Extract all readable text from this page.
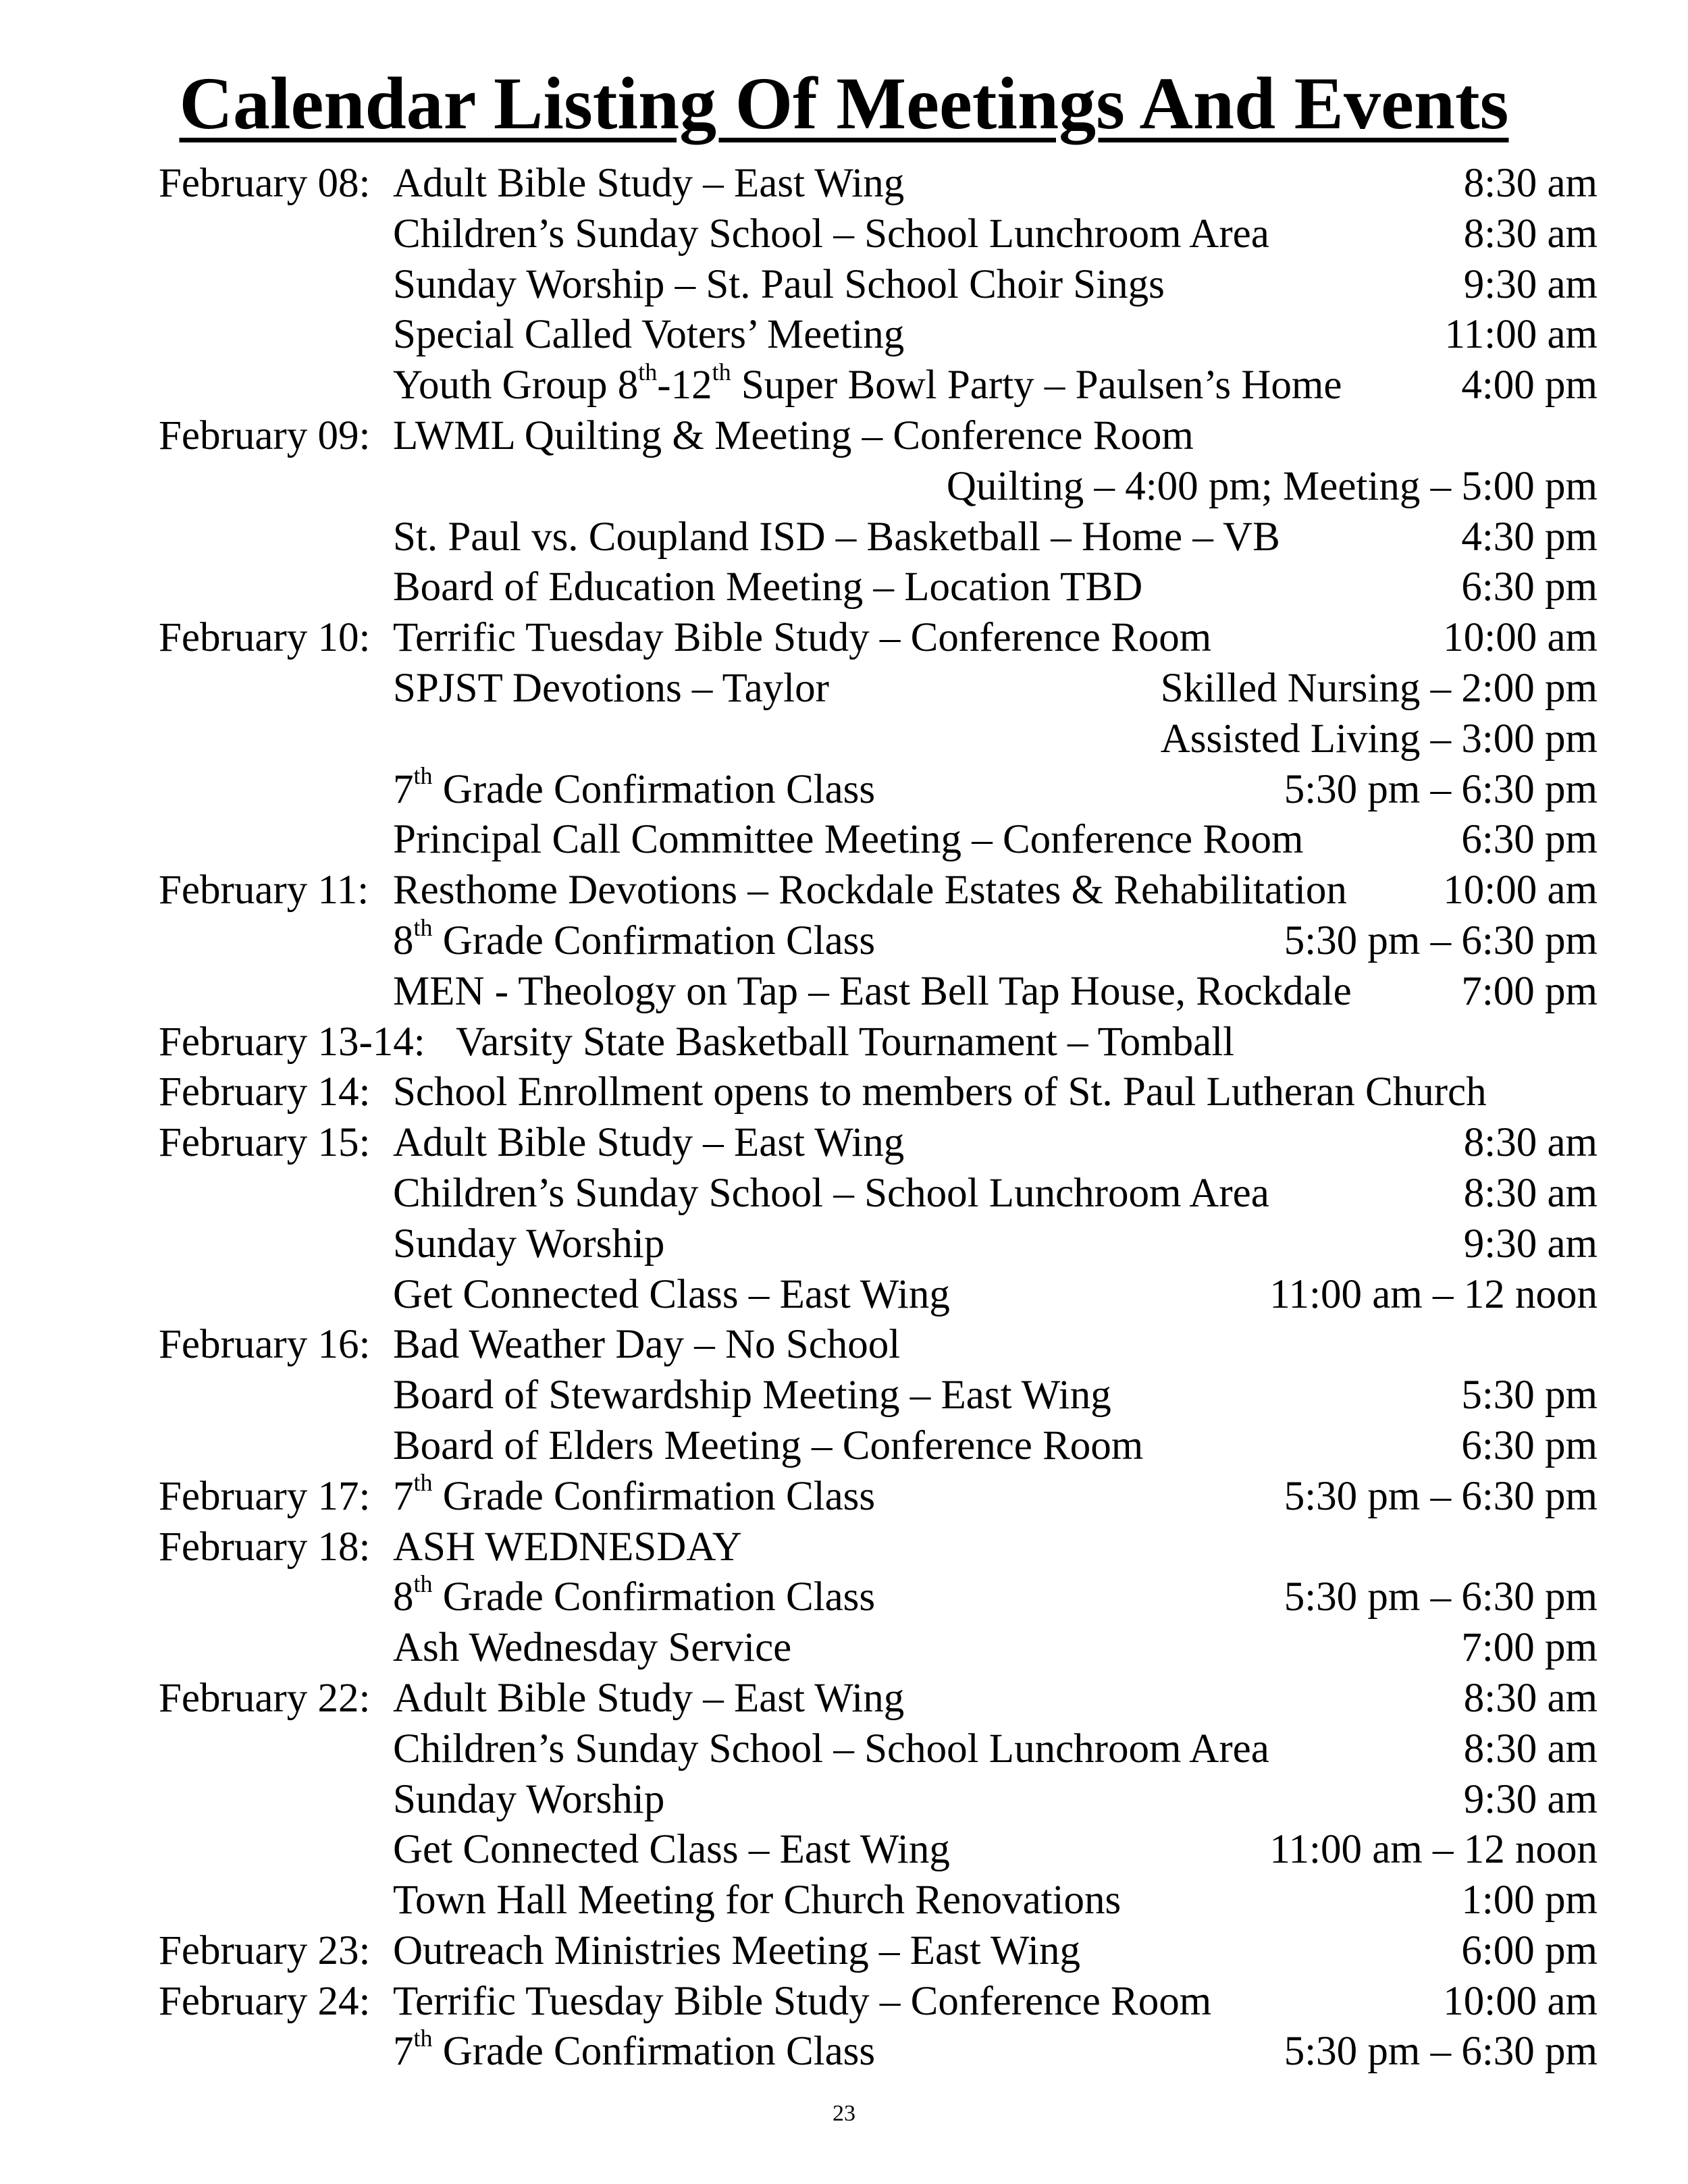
Calendar Listing Of Meetings And Events
February 08: Adult Bible Study – East Wing	8:30 am
Children’s Sunday School – School Lunchroom Area	8:30 am
Sunday Worship – St. Paul School Choir Sings	9:30 am
Special Called Voters’ Meeting	11:00 am
Youth Group 8th-12th Super Bowl Party – Paulsen’s Home	4:00 pm
February 09: LWML Quilting & Meeting – Conference Room
Quilting – 4:00 pm; Meeting – 5:00 pm
St. Paul vs. Coupland ISD – Basketball – Home – VB	4:30 pm
Board of Education Meeting – Location TBD	6:30 pm
February 10: Terrific Tuesday Bible Study – Conference Room	10:00 am
SPJST Devotions – Taylor	Skilled Nursing – 2:00 pm
Assisted Living – 3:00 pm
7th Grade Confirmation Class	5:30 pm – 6:30 pm
Principal Call Committee Meeting – Conference Room	6:30 pm
February 11: Resthome Devotions – Rockdale Estates & Rehabilitation 10:00 am
8th Grade Confirmation Class	5:30 pm – 6:30 pm
MEN - Theology on Tap – East Bell Tap House, Rockdale	7:00 pm
February 13-14: Varsity State Basketball Tournament – Tomball
February 14: School Enrollment opens to members of St. Paul Lutheran Church
February 15: Adult Bible Study – East Wing	8:30 am
Children’s Sunday School – School Lunchroom Area	8:30 am
Sunday Worship	9:30 am
Get Connected Class – East Wing	11:00 am – 12 noon
February 16: Bad Weather Day – No School
Board of Stewardship Meeting – East Wing	5:30 pm
Board of Elders Meeting – Conference Room	6:30 pm
February 17: 7th Grade Confirmation Class	5:30 pm – 6:30 pm
February 18: ASH WEDNESDAY
8th Grade Confirmation Class	5:30 pm – 6:30 pm
Ash Wednesday Service	7:00 pm
February 22: Adult Bible Study – East Wing	8:30 am
Children’s Sunday School – School Lunchroom Area	8:30 am
Sunday Worship	9:30 am
Get Connected Class – East Wing	11:00 am – 12 noon
Town Hall Meeting for Church Renovations	1:00 pm
February 23: Outreach Ministries Meeting – East Wing	6:00 pm
February 24: Terrific Tuesday Bible Study – Conference Room	10:00 am
7th Grade Confirmation Class	5:30 pm – 6:30 pm
23
